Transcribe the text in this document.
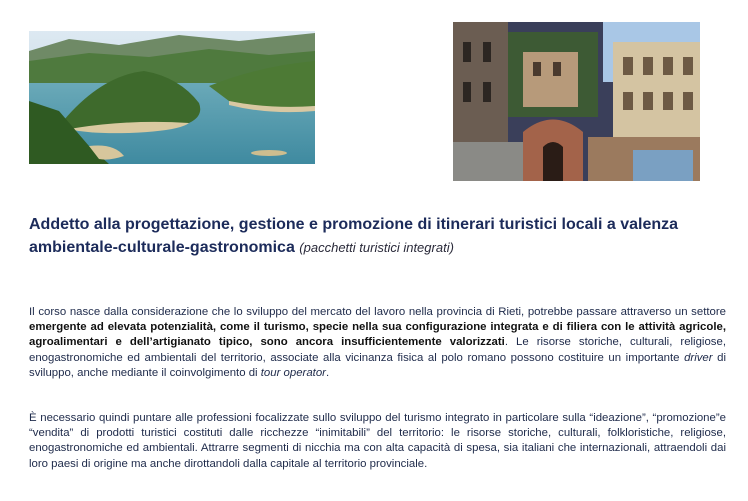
Addetto alla progettazione, gestione e promozione di itinerari turistici locali a valenza ambientale-culturale-gastronomica (pacchetti turistici integrati)

Il corso nasce dalla considerazione che lo sviluppo del mercato del lavoro nella provincia di Rieti, potrebbe passare attraverso un settore emergente ad elevata potenzialità, come il turismo, specie nella sua configurazione integrata e di filiera con le attività agricole, agroalimentari e dell’artigianato tipico, sono ancora insufficientemente valorizzati. Le risorse storiche, culturali, religiose, enogastronomiche ed ambientali del territorio, associate alla vicinanza fisica al polo romano possono costituire un importante driver di sviluppo, anche mediante il coinvolgimento di tour operator.

È necessario quindi puntare alle professioni focalizzate sullo sviluppo del turismo integrato in particolare sulla “ideazione”, “promozione”e “vendita” di prodotti turistici costituti dalle ricchezze “inimitabili” del territorio: le risorse storiche, culturali, folkloristiche, religiose, enogastronomiche ed ambientali. Attrarre segmenti di nicchia ma con alta capacità di spesa, sia italiani che internazionali, attraendoli dai loro paesi di origine ma anche dirottandoli dalla capitale al territorio provinciale.
